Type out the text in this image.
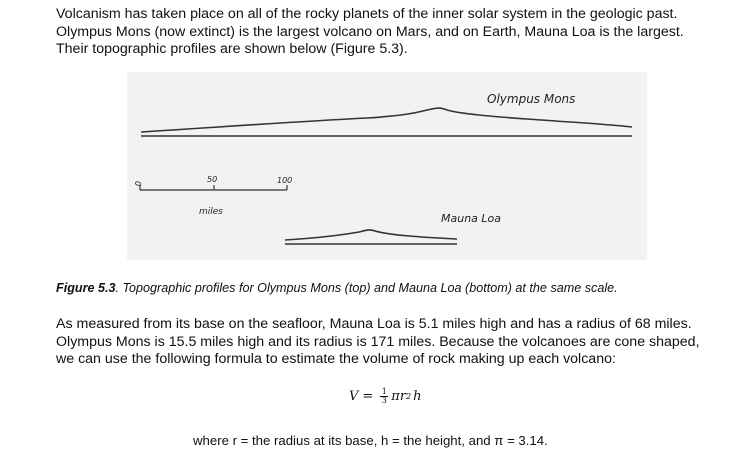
Volcanism has taken place on all of the rocky planets of the inner solar system in the geologic past.
Olympus Mons (now extinct) is the largest volcano on Mars, and on Earth, Mauna Loa is the largest.
Their topographic profiles are shown below (Figure 5.3).

Olympus Mons
0	50	100
miles	Mauna Loa

Figure 5.3. Topographic profiles for Olympus Mons (top) and Mauna Loa (bottom) at the same scale.

As measured from its base on the seafloor, Mauna Loa is 5.1 miles high and has a radius of 68 miles.
Olympus Mons is 15.5 miles high and its radius is 171 miles. Because the volcanoes are cone shaped,
we can use the following formula to estimate the volume of rock making up each volcano:

$V = \frac{1}{3}$ π r 2 h

where r = the radius at its base, h = the height, and π = 3.14.
